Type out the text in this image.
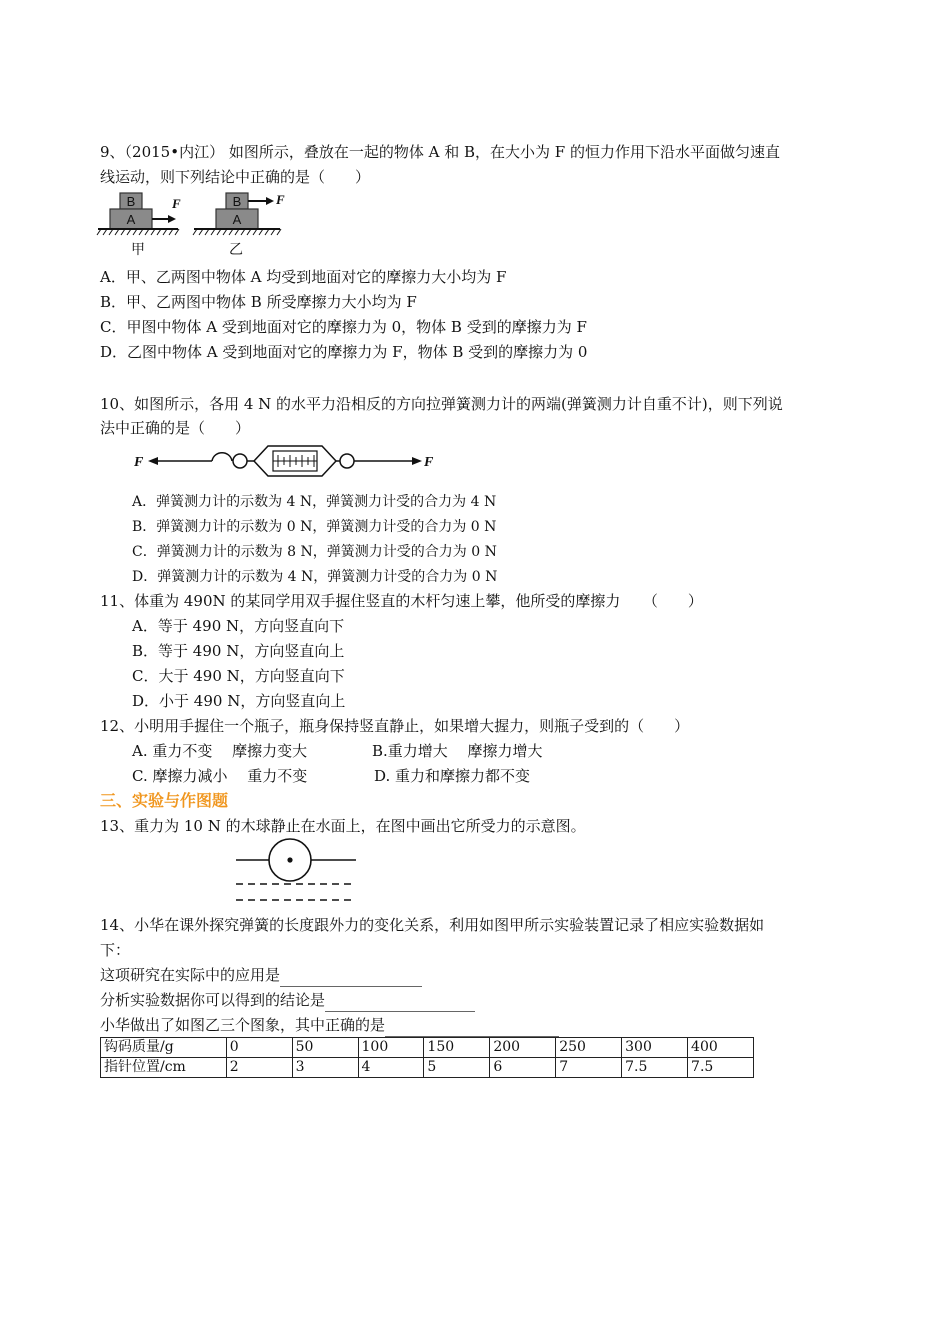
9、（2015•内江） 如图所示，叠放在一起的物体 A 和 B，在大小为 F 的恒力作用下沿水平面做匀速直
线运动，则下列结论中正确的是（　　）
B
A
F
甲
B
A
F
乙
A．甲、乙两图中物体 A 均受到地面对它的摩擦力大小均为 F
B．甲、乙两图中物体 B 所受摩擦力大小均为 F
C．甲图中物体 A 受到地面对它的摩擦力为 0，物体 B 受到的摩擦力为 F
D．乙图中物体 A 受到地面对它的摩擦力为 F，物体 B 受到的摩擦力为 0
10、如图所示，各用 4 N 的水平力沿相反的方向拉弹簧测力计的两端(弹簧测力计自重不计)，则下列说
法中正确的是（　　）
F	F
A．弹簧测力计的示数为 4 N，弹簧测力计受的合力为 4 N
B．弹簧测力计的示数为 0 N，弹簧测力计受的合力为 0 N
C．弹簧测力计的示数为 8 N，弹簧测力计受的合力为 0 N
D．弹簧测力计的示数为 4 N，弹簧测力计受的合力为 0 N
11、体重为 490N 的某同学用双手握住竖直的木杆匀速上攀，他所受的摩擦力　　（　　）
A．等于 490 N，方向竖直向下
B．等于 490 N，方向竖直向上
C．大于 490 N，方向竖直向下
D．小于 490 N，方向竖直向上
12、小明用手握住一个瓶子，瓶身保持竖直静止，如果增大握力，则瓶子受到的（　　）
A. 重力不变　 摩擦力变大	B.重力增大　 摩擦力增大
C. 摩擦力减小　 重力不变	D. 重力和摩擦力都不变
三、实验与作图题
13、重力为 10 N 的木球静止在水面上，在图中画出它所受力的示意图。
14、小华在课外探究弹簧的长度跟外力的变化关系，利用如图甲所示实验装置记录了相应实验数据如
下：
这项研究在实际中的应用是
分析实验数据你可以得到的结论是
小华做出了如图乙三个图象，其中正确的是
钩码质量/g	0	50	100	150	200	250	300	400
指针位置/cm	2	3	4	5	6	7	7.5	7.5
